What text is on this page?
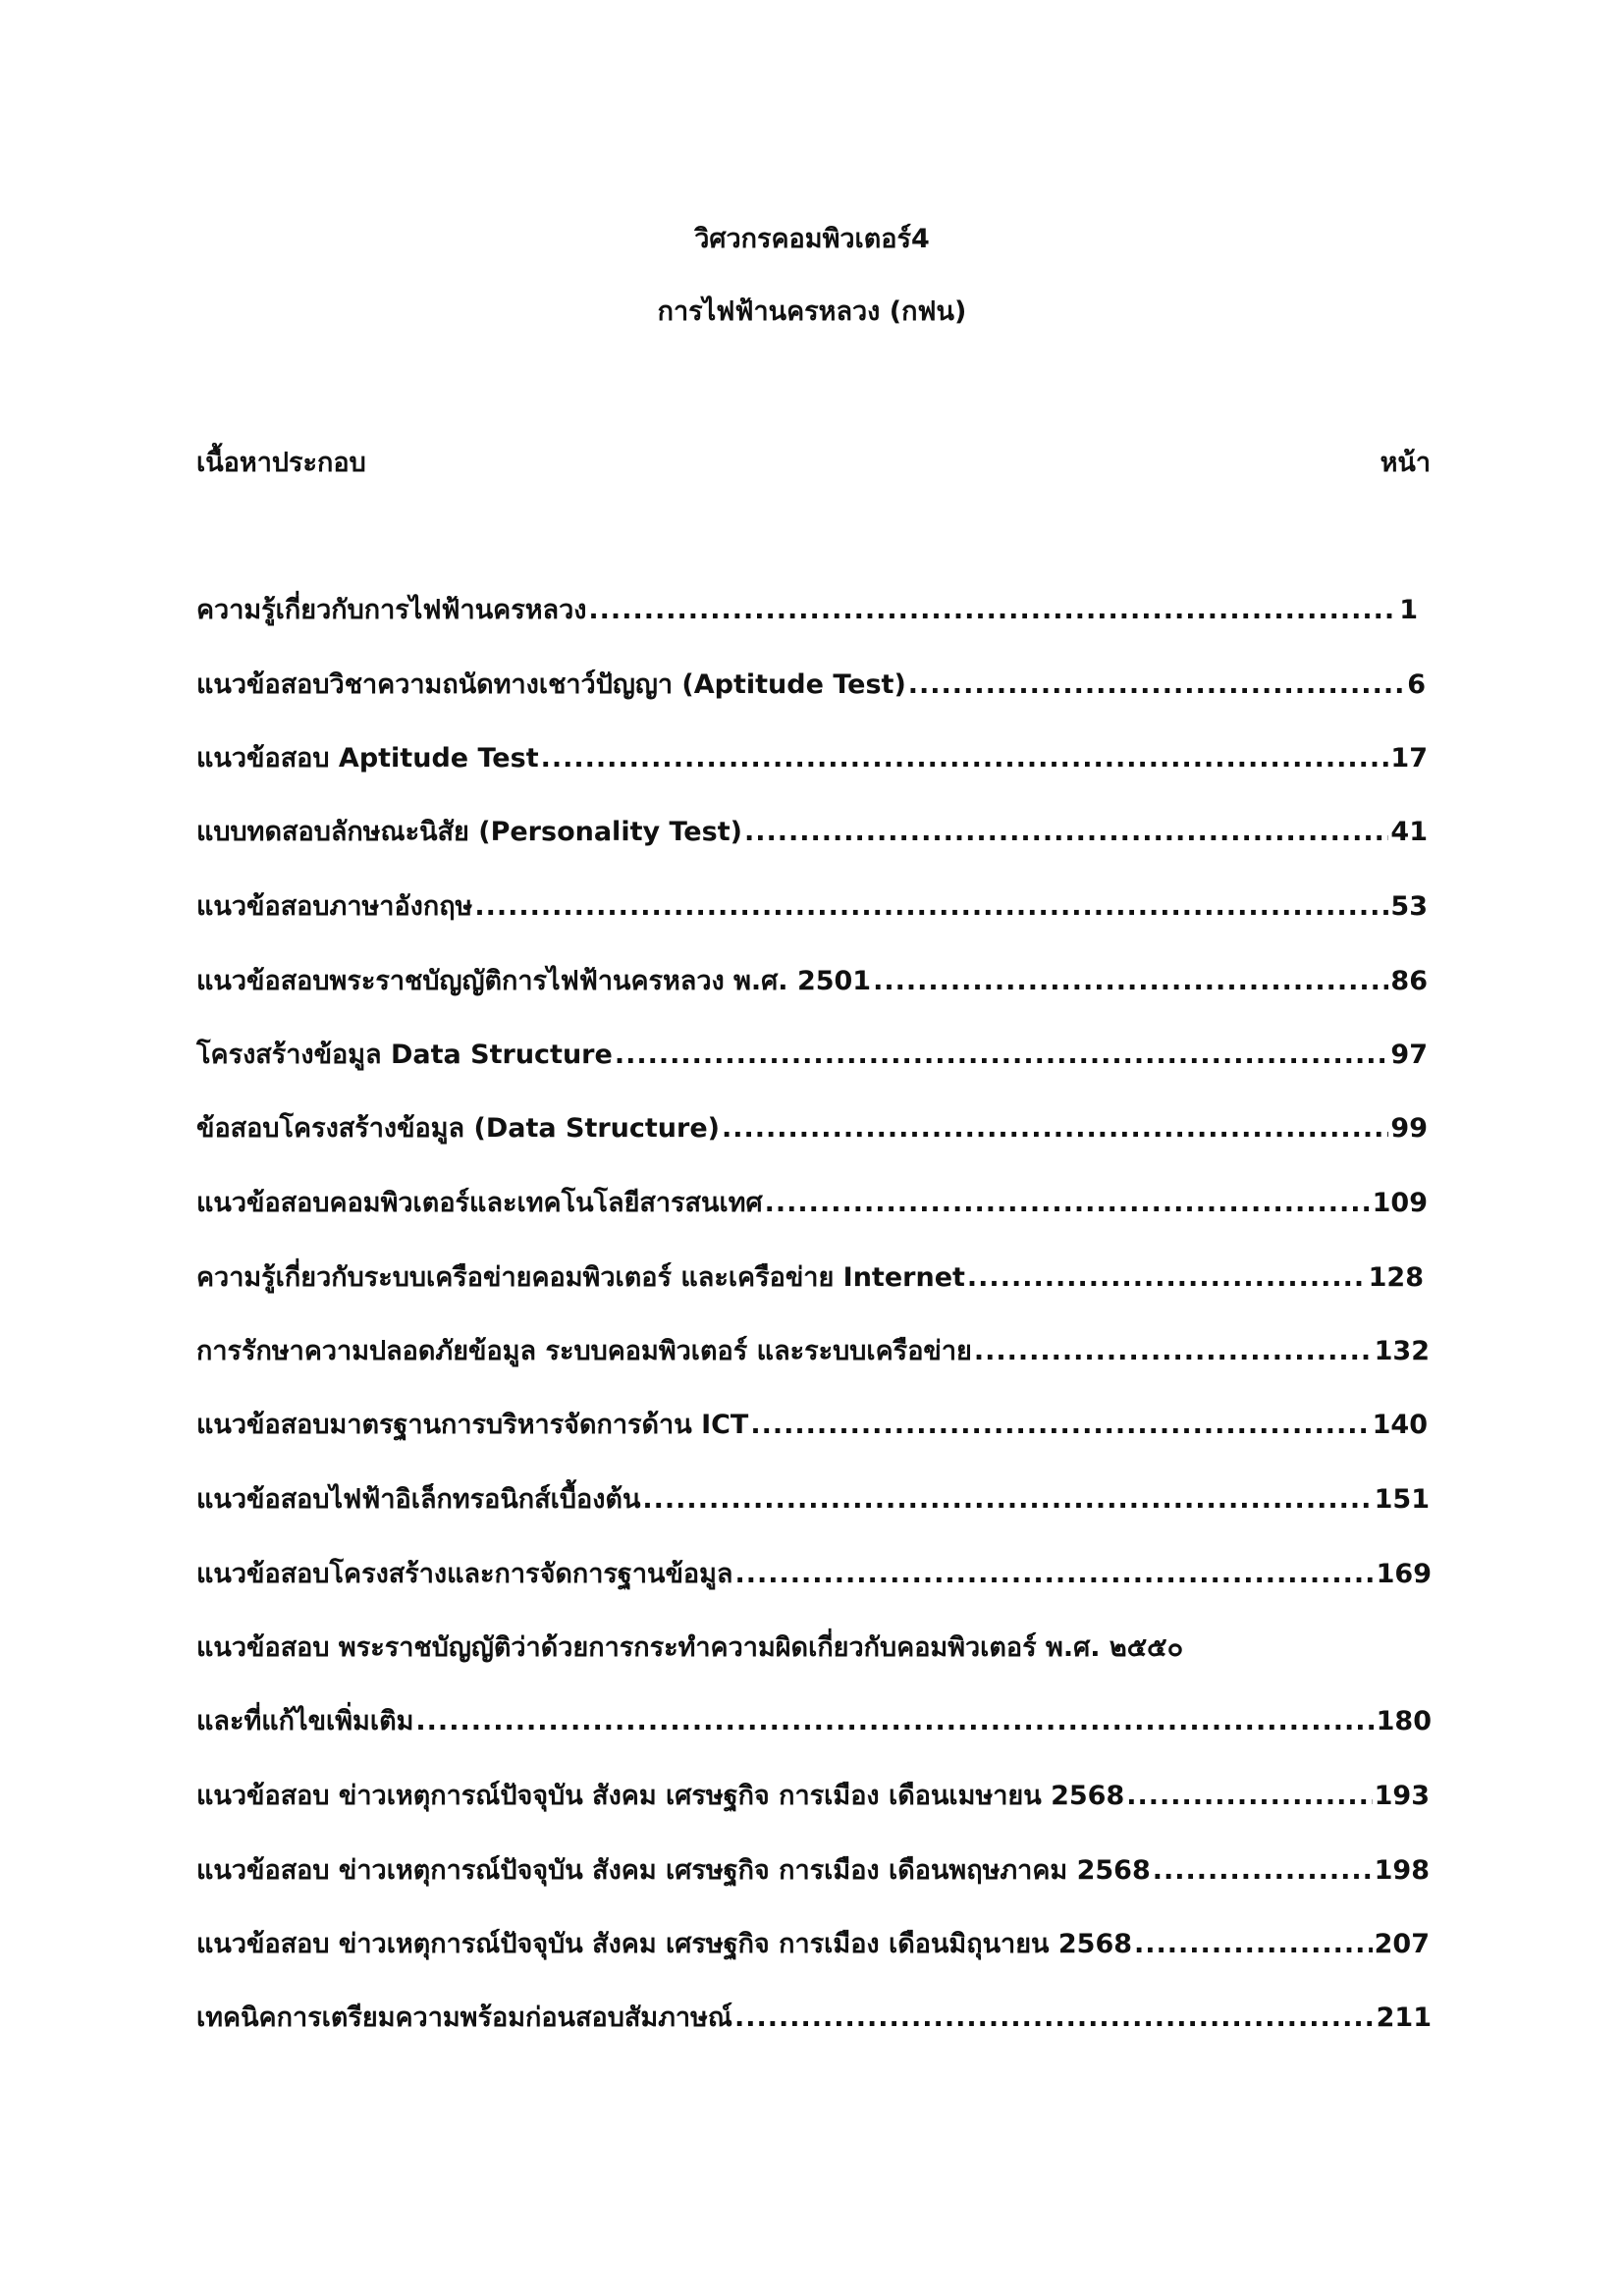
วิศวกรคอมพิวเตอร์4
การไฟฟ้านครหลวง (กฟน)
เนื้อหาประกอบ	หน้า
ความรู้เกี่ยวกับการไฟฟ้านครหลวง .....	1
แนวข้อสอบวิชาความถนัดทางเชาว์ปัญญา (Aptitude Test) .....	6
แนวข้อสอบ Aptitude Test .....	17
แบบทดสอบลักษณะนิสัย (Personality Test) .....	41
แนวข้อสอบภาษาอังกฤษ .....	53
แนวข้อสอบพระราชบัญญัติการไฟฟ้านครหลวง พ.ศ. 2501 .....	86
โครงสร้างข้อมูล Data Structure .....	97
ข้อสอบโครงสร้างข้อมูล (Data Structure) .....	99
แนวข้อสอบคอมพิวเตอร์และเทคโนโลยีสารสนเทศ .....	109
ความรู้เกี่ยวกับระบบเครือข่ายคอมพิวเตอร์ และเครือข่าย Internet .....	128
การรักษาความปลอดภัยข้อมูล ระบบคอมพิวเตอร์ และระบบเครือข่าย .....	132
แนวข้อสอบมาตรฐานการบริหารจัดการด้าน ICT .....	140
แนวข้อสอบไฟฟ้าอิเล็กทรอนิกส์เบื้องต้น .....	151
แนวข้อสอบโครงสร้างและการจัดการฐานข้อมูล .....	169
แนวข้อสอบ พระราชบัญญัติว่าด้วยการกระทำความผิดเกี่ยวกับคอมพิวเตอร์ พ.ศ. ๒๕๕๐
และที่แก้ไขเพิ่มเติม .....	180
แนวข้อสอบ ข่าวเหตุการณ์ปัจจุบัน สังคม เศรษฐกิจ การเมือง เดือนเมษายน 2568 .....	193
แนวข้อสอบ ข่าวเหตุการณ์ปัจจุบัน สังคม เศรษฐกิจ การเมือง เดือนพฤษภาคม 2568 .....	198
แนวข้อสอบ ข่าวเหตุการณ์ปัจจุบัน สังคม เศรษฐกิจ การเมือง เดือนมิถุนายน 2568 .....	207
เทคนิคการเตรียมความพร้อมก่อนสอบสัมภาษณ์ .....	211
